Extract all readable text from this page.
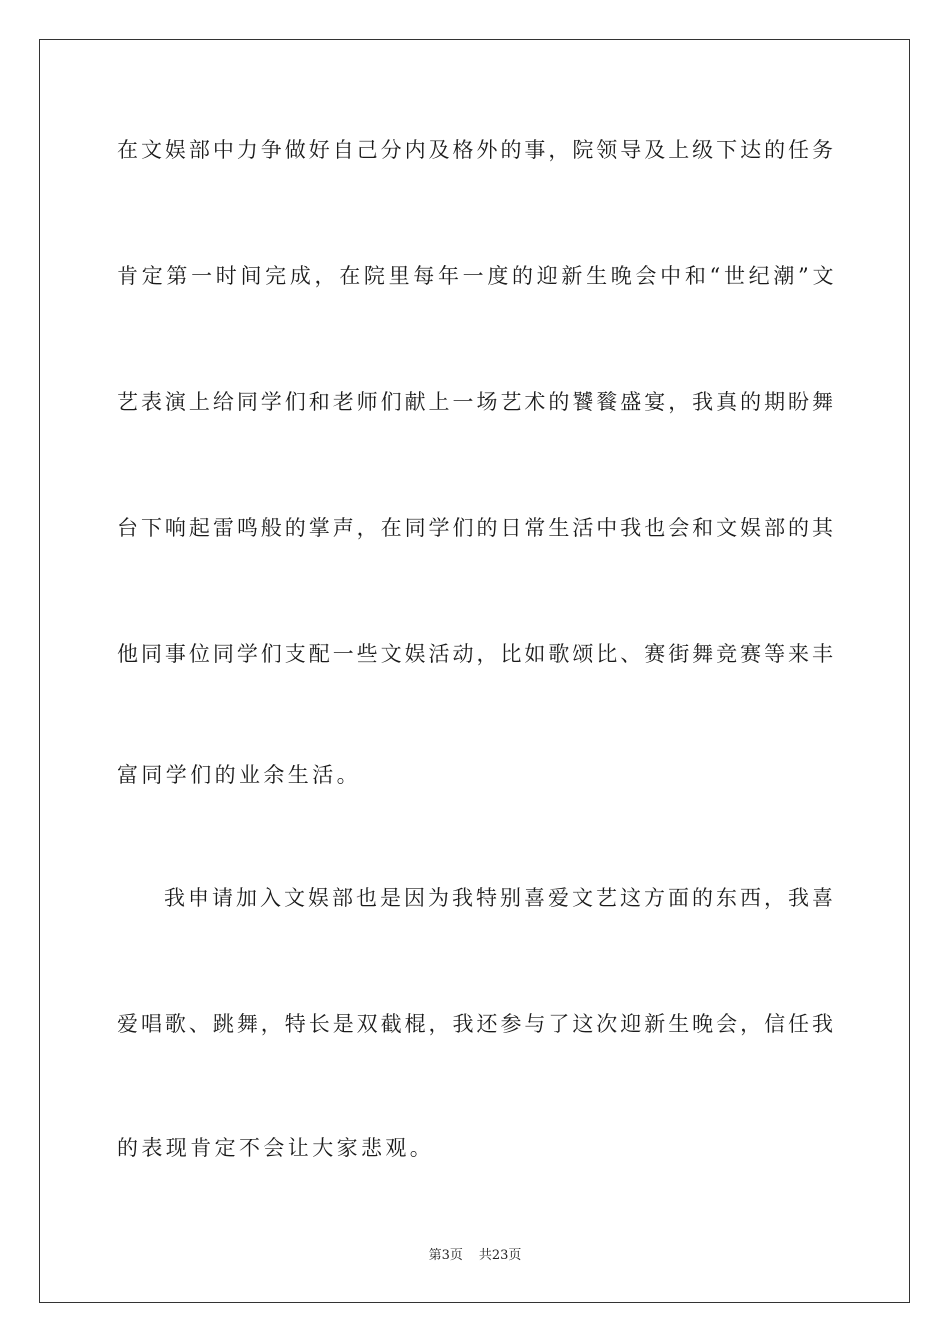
在文娱部中力争做好自己分内及格外的事，院领导及上级下达的任务
肯定第一时间完成，在院里每年一度的迎新生晚会中和“世纪潮”文
艺表演上给同学们和老师们献上一场艺术的饕餮盛宴，我真的期盼舞
台下响起雷鸣般的掌声，在同学们的日常生活中我也会和文娱部的其
他同事位同学们支配一些文娱活动，比如歌颂比、赛街舞竞赛等来丰
富同学们的业余生活。
我申请加入文娱部也是因为我特别喜爱文艺这方面的东西，我喜
爱唱歌、跳舞，特长是双截棍，我还参与了这次迎新生晚会，信任我
的表现肯定不会让大家悲观。
第3页 共23页
